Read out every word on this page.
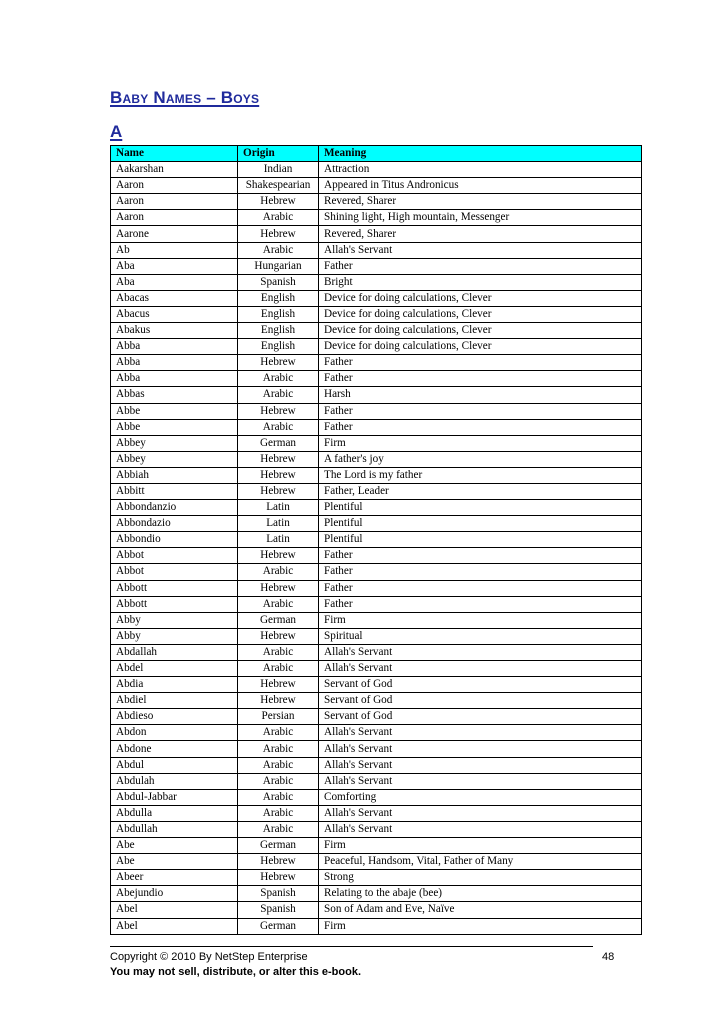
Baby Names – Boys
A
Name	Origin	Meaning
Aakarshan	Indian	Attraction
Aaron	Shakespearian	Appeared in Titus Andronicus
Aaron	Hebrew	Revered, Sharer
Aaron	Arabic	Shining light, High mountain, Messenger
Aarone	Hebrew	Revered, Sharer
Ab	Arabic	Allah's Servant
Aba	Hungarian	Father
Aba	Spanish	Bright
Abacas	English	Device for doing calculations, Clever
Abacus	English	Device for doing calculations, Clever
Abakus	English	Device for doing calculations, Clever
Abba	English	Device for doing calculations, Clever
Abba	Hebrew	Father
Abba	Arabic	Father
Abbas	Arabic	Harsh
Abbe	Hebrew	Father
Abbe	Arabic	Father
Abbey	German	Firm
Abbey	Hebrew	A father's joy
Abbiah	Hebrew	The Lord is my father
Abbitt	Hebrew	Father, Leader
Abbondanzio	Latin	Plentiful
Abbondazio	Latin	Plentiful
Abbondio	Latin	Plentiful
Abbot	Hebrew	Father
Abbot	Arabic	Father
Abbott	Hebrew	Father
Abbott	Arabic	Father
Abby	German	Firm
Abby	Hebrew	Spiritual
Abdallah	Arabic	Allah's Servant
Abdel	Arabic	Allah's Servant
Abdia	Hebrew	Servant of God
Abdiel	Hebrew	Servant of God
Abdieso	Persian	Servant of God
Abdon	Arabic	Allah's Servant
Abdone	Arabic	Allah's Servant
Abdul	Arabic	Allah's Servant
Abdulah	Arabic	Allah's Servant
Abdul-Jabbar	Arabic	Comforting
Abdulla	Arabic	Allah's Servant
Abdullah	Arabic	Allah's Servant
Abe	German	Firm
Abe	Hebrew	Peaceful, Handsom, Vital, Father of Many
Abeer	Hebrew	Strong
Abejundio	Spanish	Relating to the abaje (bee)
Abel	Spanish	Son of Adam and Eve, Naïve
Abel	German	Firm
Copyright © 2010 By NetStep Enterprise
You may not sell, distribute, or alter this e-book.
48
